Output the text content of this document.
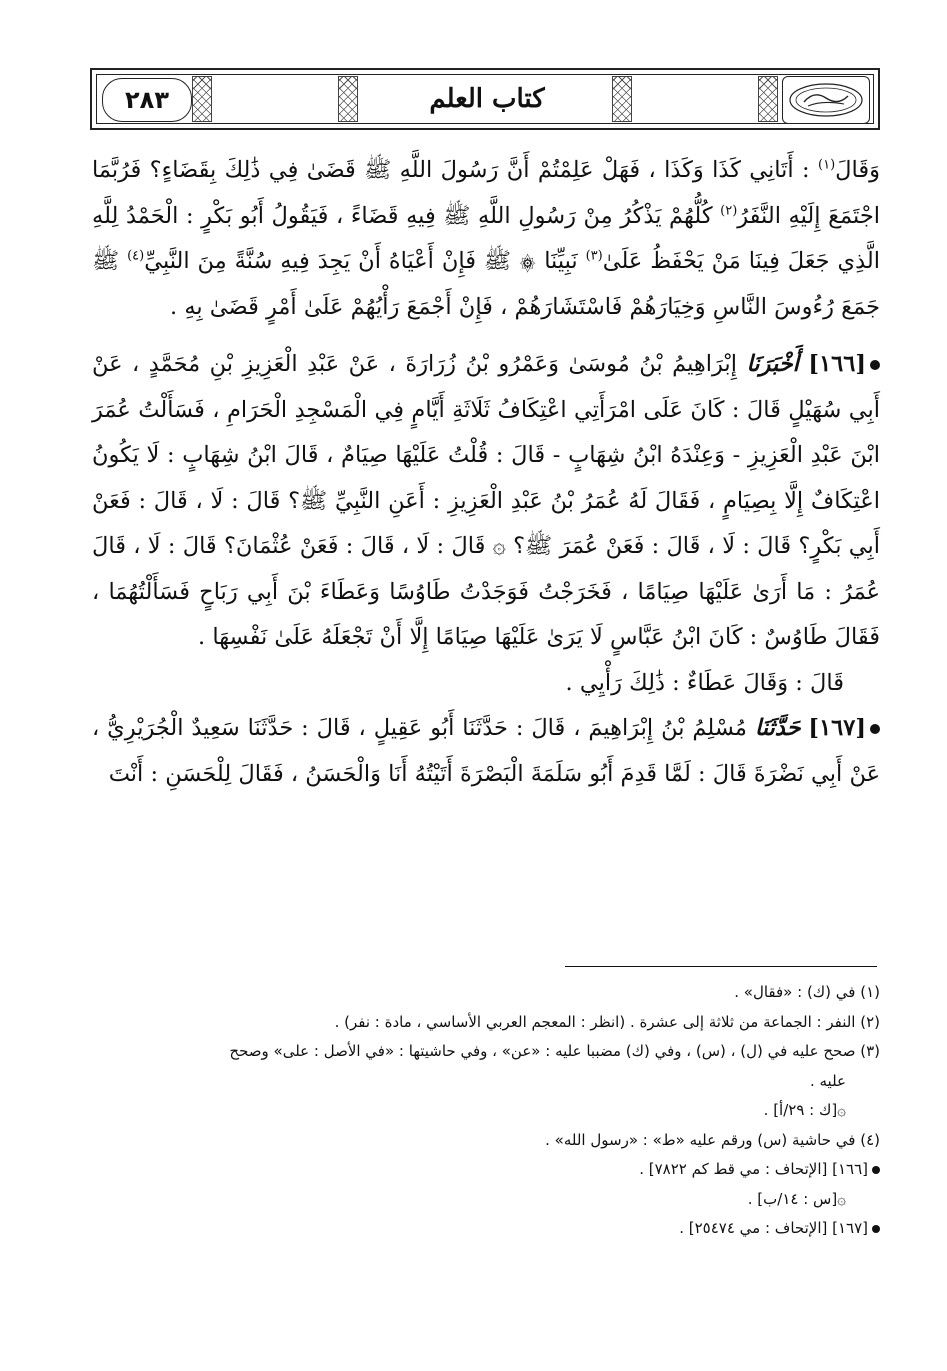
٢٨٣	كتاب العلم

وَقَالَ$^{(١)}$ : أَتَانِي كَذَا وَكَذَا ، فَهَلْ عَلِمْتُمْ أَنَّ رَسُولَ اللَّهِ ﷺ قَضَىٰ فِي ذَٰلِكَ بِقَضَاءٍ؟ فَرُبَّمَا اجْتَمَعَ إِلَيْهِ النَّفَرُ$^{(٢)}$ كُلُّهُمْ يَذْكُرُ مِنْ رَسُولِ اللَّهِ ﷺ فِيهِ قَضَاءً ، فَيَقُولُ أَبُو بَكْرٍ : الْحَمْدُ لِلَّهِ الَّذِي جَعَلَ فِينَا مَنْ يَحْفَظُ عَلَىٰ$^{(٣)}$ نَبِيِّنَا ۞ ﷺ فَإِنْ أَعْيَاهُ أَنْ يَجِدَ فِيهِ سُنَّةً مِنَ النَّبِيِّ$^{(٤)}$ ﷺ جَمَعَ رُءُوسَ النَّاسِ وَخِيَارَهُمْ فَاسْتَشَارَهُمْ ، فَإِنْ أَجْمَعَ رَأْيُهُمْ عَلَىٰ أَمْرٍ قَضَىٰ بِهِ .

[١٦٦] أَخْبَرَنَا إِبْرَاهِيمُ بْنُ مُوسَىٰ وَعَمْرُو بْنُ زُرَارَةَ ، عَنْ عَبْدِ الْعَزِيزِ بْنِ مُحَمَّدٍ ، عَنْ أَبِي سُهَيْلٍ قَالَ : كَانَ عَلَى امْرَأَتِي اعْتِكَافُ ثَلَاثَةِ أَيَّامٍ فِي الْمَسْجِدِ الْحَرَامِ ، فَسَأَلْتُ عُمَرَ ابْنَ عَبْدِ الْعَزِيزِ - وَعِنْدَهُ ابْنُ شِهَابٍ - قَالَ : قُلْتُ عَلَيْهَا صِيَامٌ ، قَالَ ابْنُ شِهَابٍ : لَا يَكُونُ اعْتِكَافٌ إِلَّا بِصِيَامٍ ، فَقَالَ لَهُ عُمَرُ بْنُ عَبْدِ الْعَزِيزِ : أَعَنِ النَّبِيِّ ﷺ؟ قَالَ : لَا ، قَالَ : فَعَنْ أَبِي بَكْرٍ؟ قَالَ : لَا ، قَالَ : فَعَنْ عُمَرَ ﷺ؟ ۞ قَالَ : لَا ، قَالَ : فَعَنْ عُثْمَانَ؟ قَالَ : لَا ، قَالَ عُمَرُ : مَا أَرَىٰ عَلَيْهَا صِيَامًا ، فَخَرَجْتُ فَوَجَدْتُ طَاوُسًا وَعَطَاءَ بْنَ أَبِي رَبَاحٍ فَسَأَلْتُهُمَا ، فَقَالَ طَاوُسٌ : كَانَ ابْنُ عَبَّاسٍ لَا يَرَىٰ عَلَيْهَا صِيَامًا إِلَّا أَنْ تَجْعَلَهُ عَلَىٰ نَفْسِهَا .

قَالَ : وَقَالَ عَطَاءٌ : ذَٰلِكَ رَأْيِي .

[١٦٧] حَدَّثَنَا مُسْلِمُ بْنُ إِبْرَاهِيمَ ، قَالَ : حَدَّثَنَا أَبُو عَقِيلٍ ، قَالَ : حَدَّثَنَا سَعِيدٌ الْجُرَيْرِيُّ ، عَنْ أَبِي نَضْرَةَ قَالَ : لَمَّا قَدِمَ أَبُو سَلَمَةَ الْبَصْرَةَ أَتَيْتُهُ أَنَا وَالْحَسَنُ ، فَقَالَ لِلْحَسَنِ : أَنْتَ

(١) في (ك) : «فقال» .
(٢) النفر : الجماعة من ثلاثة إلى عشرة . (انظر : المعجم العربي الأساسي ، مادة : نفر) .
(٣) صحح عليه في (ل) ، (س) ، وفي (ك) مضببا عليه : «عن» ، وفي حاشيتها : «في الأصل : على» وصحح
عليه .
۞[ك : ٢٩/أ] .
(٤) في حاشية (س) ورقم عليه «ط» : «رسول الله» .
[١٦٦] [الإتحاف : مي قط كم ٧٨٢٢] .
۞[س : ١٤/ب] .
[١٦٧] [الإتحاف : مي ٢٥٤٧٤] .
